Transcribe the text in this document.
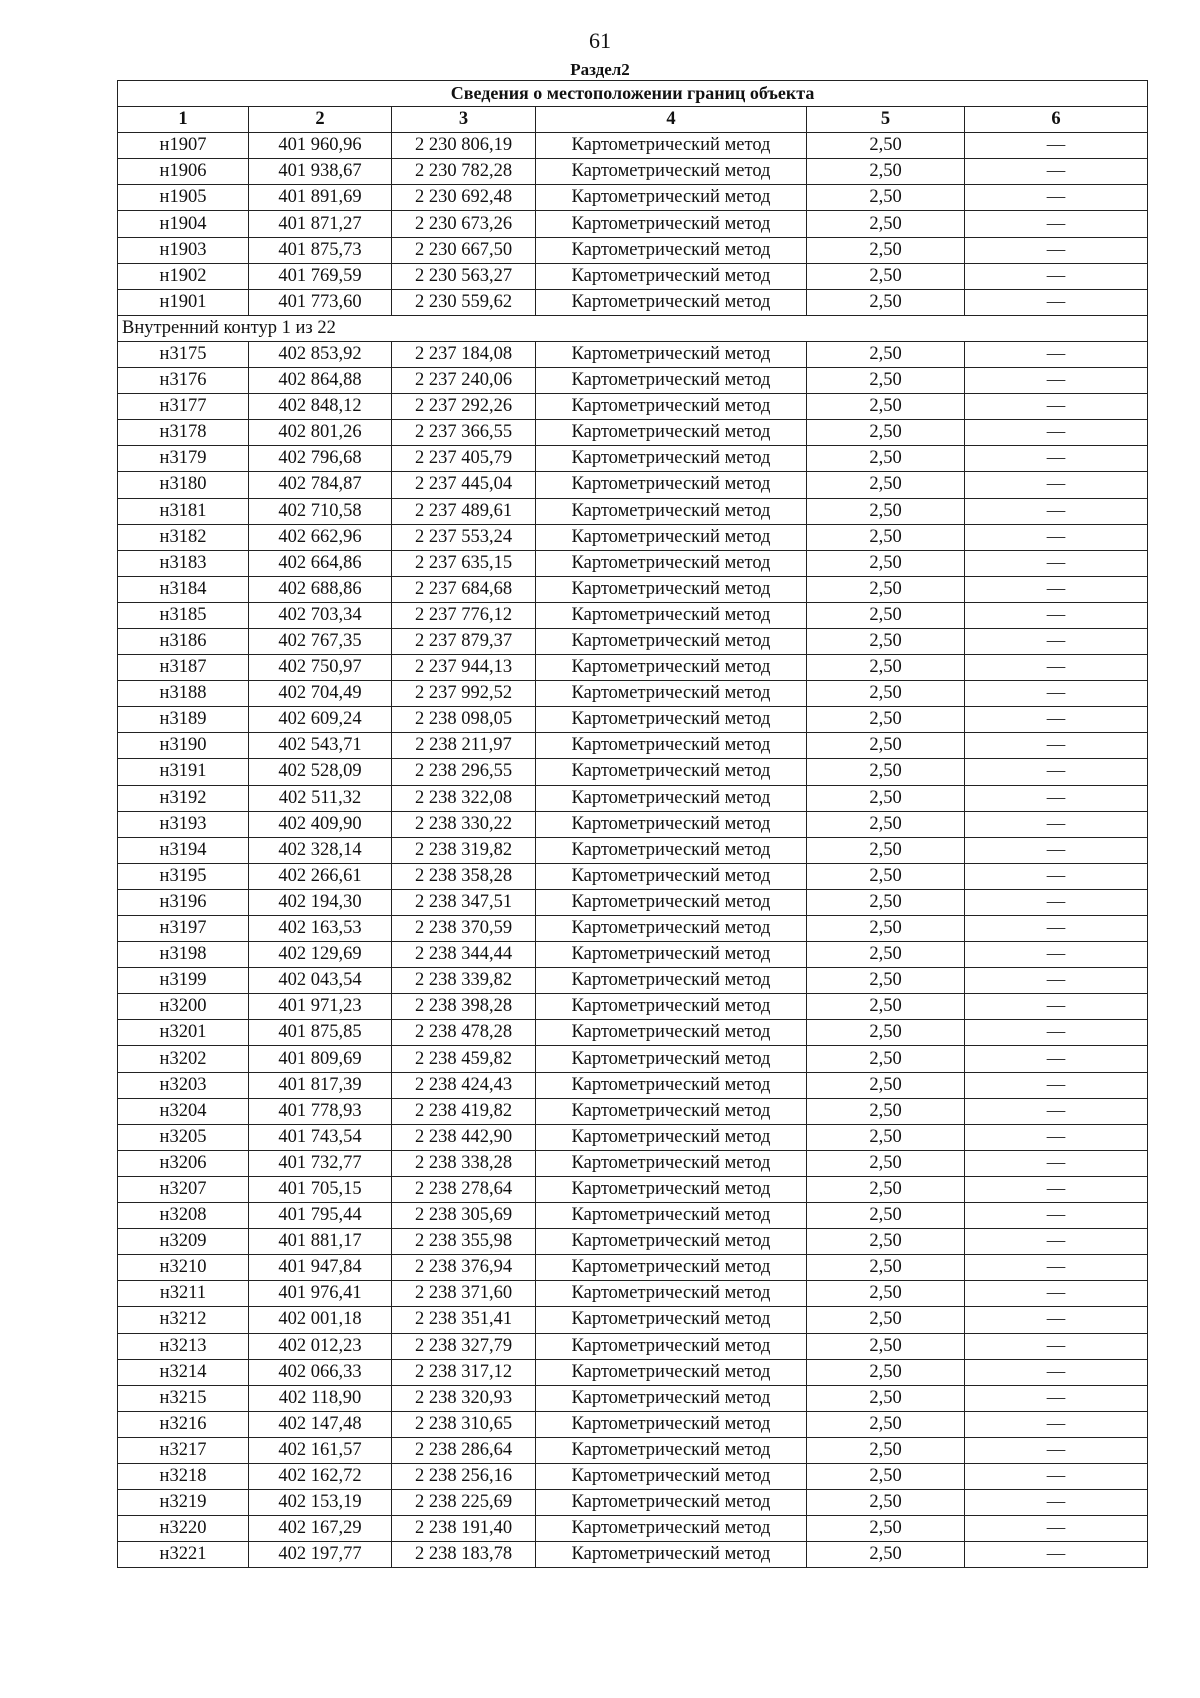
61
Раздел2
Сведения о местоположении границ объекта					
1	2	3	4	5	6
н1907	401 960,96	2 230 806,19	Картометрический метод	2,50	—
н1906	401 938,67	2 230 782,28	Картометрический метод	2,50	—
н1905	401 891,69	2 230 692,48	Картометрический метод	2,50	—
н1904	401 871,27	2 230 673,26	Картометрический метод	2,50	—
н1903	401 875,73	2 230 667,50	Картометрический метод	2,50	—
н1902	401 769,59	2 230 563,27	Картометрический метод	2,50	—
н1901	401 773,60	2 230 559,62	Картометрический метод	2,50	—
Внутренний контур 1 из 22					
н3175	402 853,92	2 237 184,08	Картометрический метод	2,50	—
н3176	402 864,88	2 237 240,06	Картометрический метод	2,50	—
н3177	402 848,12	2 237 292,26	Картометрический метод	2,50	—
н3178	402 801,26	2 237 366,55	Картометрический метод	2,50	—
н3179	402 796,68	2 237 405,79	Картометрический метод	2,50	—
н3180	402 784,87	2 237 445,04	Картометрический метод	2,50	—
н3181	402 710,58	2 237 489,61	Картометрический метод	2,50	—
н3182	402 662,96	2 237 553,24	Картометрический метод	2,50	—
н3183	402 664,86	2 237 635,15	Картометрический метод	2,50	—
н3184	402 688,86	2 237 684,68	Картометрический метод	2,50	—
н3185	402 703,34	2 237 776,12	Картометрический метод	2,50	—
н3186	402 767,35	2 237 879,37	Картометрический метод	2,50	—
н3187	402 750,97	2 237 944,13	Картометрический метод	2,50	—
н3188	402 704,49	2 237 992,52	Картометрический метод	2,50	—
н3189	402 609,24	2 238 098,05	Картометрический метод	2,50	—
н3190	402 543,71	2 238 211,97	Картометрический метод	2,50	—
н3191	402 528,09	2 238 296,55	Картометрический метод	2,50	—
н3192	402 511,32	2 238 322,08	Картометрический метод	2,50	—
н3193	402 409,90	2 238 330,22	Картометрический метод	2,50	—
н3194	402 328,14	2 238 319,82	Картометрический метод	2,50	—
н3195	402 266,61	2 238 358,28	Картометрический метод	2,50	—
н3196	402 194,30	2 238 347,51	Картометрический метод	2,50	—
н3197	402 163,53	2 238 370,59	Картометрический метод	2,50	—
н3198	402 129,69	2 238 344,44	Картометрический метод	2,50	—
н3199	402 043,54	2 238 339,82	Картометрический метод	2,50	—
н3200	401 971,23	2 238 398,28	Картометрический метод	2,50	—
н3201	401 875,85	2 238 478,28	Картометрический метод	2,50	—
н3202	401 809,69	2 238 459,82	Картометрический метод	2,50	—
н3203	401 817,39	2 238 424,43	Картометрический метод	2,50	—
н3204	401 778,93	2 238 419,82	Картометрический метод	2,50	—
н3205	401 743,54	2 238 442,90	Картометрический метод	2,50	—
н3206	401 732,77	2 238 338,28	Картометрический метод	2,50	—
н3207	401 705,15	2 238 278,64	Картометрический метод	2,50	—
н3208	401 795,44	2 238 305,69	Картометрический метод	2,50	—
н3209	401 881,17	2 238 355,98	Картометрический метод	2,50	—
н3210	401 947,84	2 238 376,94	Картометрический метод	2,50	—
н3211	401 976,41	2 238 371,60	Картометрический метод	2,50	—
н3212	402 001,18	2 238 351,41	Картометрический метод	2,50	—
н3213	402 012,23	2 238 327,79	Картометрический метод	2,50	—
н3214	402 066,33	2 238 317,12	Картометрический метод	2,50	—
н3215	402 118,90	2 238 320,93	Картометрический метод	2,50	—
н3216	402 147,48	2 238 310,65	Картометрический метод	2,50	—
н3217	402 161,57	2 238 286,64	Картометрический метод	2,50	—
н3218	402 162,72	2 238 256,16	Картометрический метод	2,50	—
н3219	402 153,19	2 238 225,69	Картометрический метод	2,50	—
н3220	402 167,29	2 238 191,40	Картометрический метод	2,50	—
н3221	402 197,77	2 238 183,78	Картометрический метод	2,50	—
